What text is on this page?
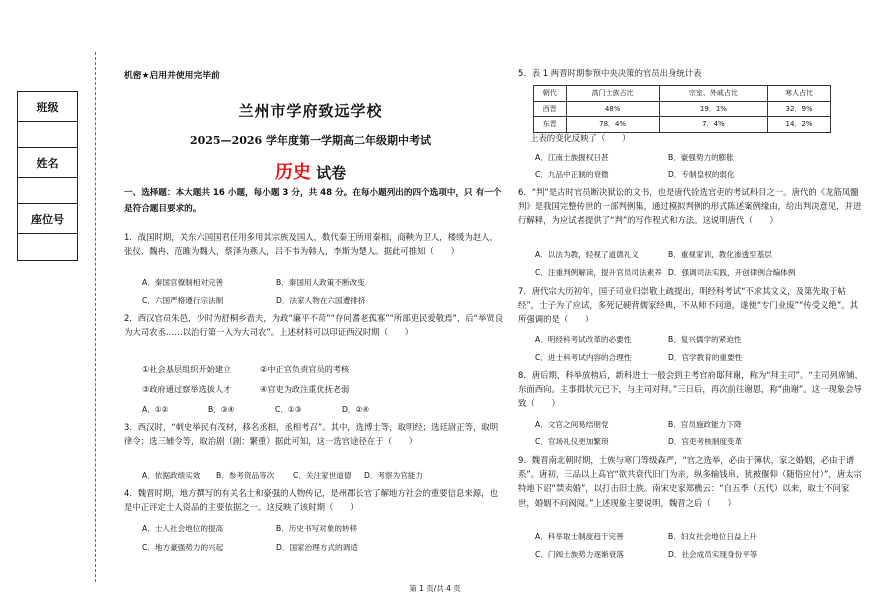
班级
姓名
座位号
机密★启用并使用完毕前
兰州市学府致远学校
2025—2026 学年度第一学期高二年级期中考试
历史 试卷
一、选择题：本大题共 16 小题，每小题 3 分，共 48 分。在每小题列出的四个选项中，只 有一个是符合题目要求的。
1．战国时期，关东六国国君任用多用其宗族及国人，数代秦王所用秦相，商鞅为卫人，楼缓为赵人，张仪、魏冉、范雎为魏人，蔡泽为燕人，吕不韦为韩人，李斯为楚人。据此可推知（　　）
A．秦国官僚制相对完善	B．秦国用人政策不断改变
C．六国严格遵行宗法制	D．法家人物在六国遭排挤
2．西汉官员朱邑，少时为舒桐乡啬夫，为政“廉平不苛”“存问耆老孤寡”“所部吏民爱敬焉”，后“举贤良为大司农丞……以治行第一入为大司农”。上述材料可以印证西汉时期（　　）
①社会基层组织开始建立	②中正官负责官员的考核
③政府通过察举选拔人才	④官吏为政注重优抚老弱
A．①②	B．③④	C．①③	D．②④
3．西汉时，“刺史举民有茂材，移名丞相，丞相考召”。其中，选博士等，取明经；选廷尉正等，取明律令；选三辅令等，取治剧（剧：繁重）据此可知，这一选官途径在于（　　）
A．依据政绩实效 B．参考资品等次 C．关注家世道德 D．考察为官能力
4．魏晋时期，地方撰写的有关名士和豪强的人物传记，是州郡长官了解地方社会的重要信息来源，也是中正评定士人资品的主要依据之一。这反映了该时期（　　）
A．士人社会地位的提高	B．历史书写对象的转移
C．地方豪强势力的兴起	D．国家治理方式的调适
5．表 1 两晋时期参预中央决策的官员出身统计表
朝代	高门士族占比	宗室、外戚占比	寒人占比
西晋	48%	19．1%	32．9%
东晋	78．4%	7．4%	14．2%
上表的变化反映了（　　）
A．江南士族握权日甚	B．豪强势力的膨胀
C．九品中正制的衰微	D．专制皇权的弱化
6．“判”是古时官员断决狱讼的文书，也是唐代铨选官吏的考试科目之一。唐代的《龙筋凤髓判》是我国完整传世的一部判例集，通过模拟判例的形式陈述案例缘由，给出判决意见，并进行解释，为应试者提供了“判”的写作程式和方法。这说明唐代（　　）
A．以法为教，轻视了道德礼义	B．重视家训，教化渗透至基层
C．注重判例解读，提升官员司法素养 D．强调司法实践，开创律例合编体例
7．唐代宗大历初年，国子司业归崇敬上疏提出，明经科考试“不求其文义，及第先取于帖经”，士子为了应试，多死记硬背儒家经典，不从师不问道，遂使“专门业废”“传受义绝”。其所强调的是（　　）
A．明经科考试改革的必要性	B．复兴儒学的紧迫性
C．进士科考试内容的合理性	D．官学教育的重要性
8．唐后期，科举放榜后，新科进士一般会到主考官府邸拜谢，称为“拜主司”。“主司列席铺，东面西向。主事揖状元已下，与主司对拜。”三日后，再次前往谢恩，称“曲谢”。这一现象会导致（　　）
A．文官之间易结朋党	B．官员施政能力下降
C．官场礼仪更加繁琐	D．官吏考核制度变革
9．魏晋南北朝时期，士族与寒门等级森严，“官之选举，必由于簿状，家之婚姻，必由于谱系”。唐初，三品以上高官“欲共衰代旧门为亲，纵多输钱帛，犹被偃仰（随俗应付）”，唐太宗特地下诏“禁卖婚”，以打击旧士族。南宋史家郑樵云：“自五季（五代）以来，取士不问家世，婚姻不问阀阅。”上述现象主要说明，魏晋之后（　　）
A．科举取士制度趋于完善	B．妇女社会地位日益上升
C．门阀士族势力逐渐衰落	D．社会成员实现身份平等
第 1 页/共 4 页
